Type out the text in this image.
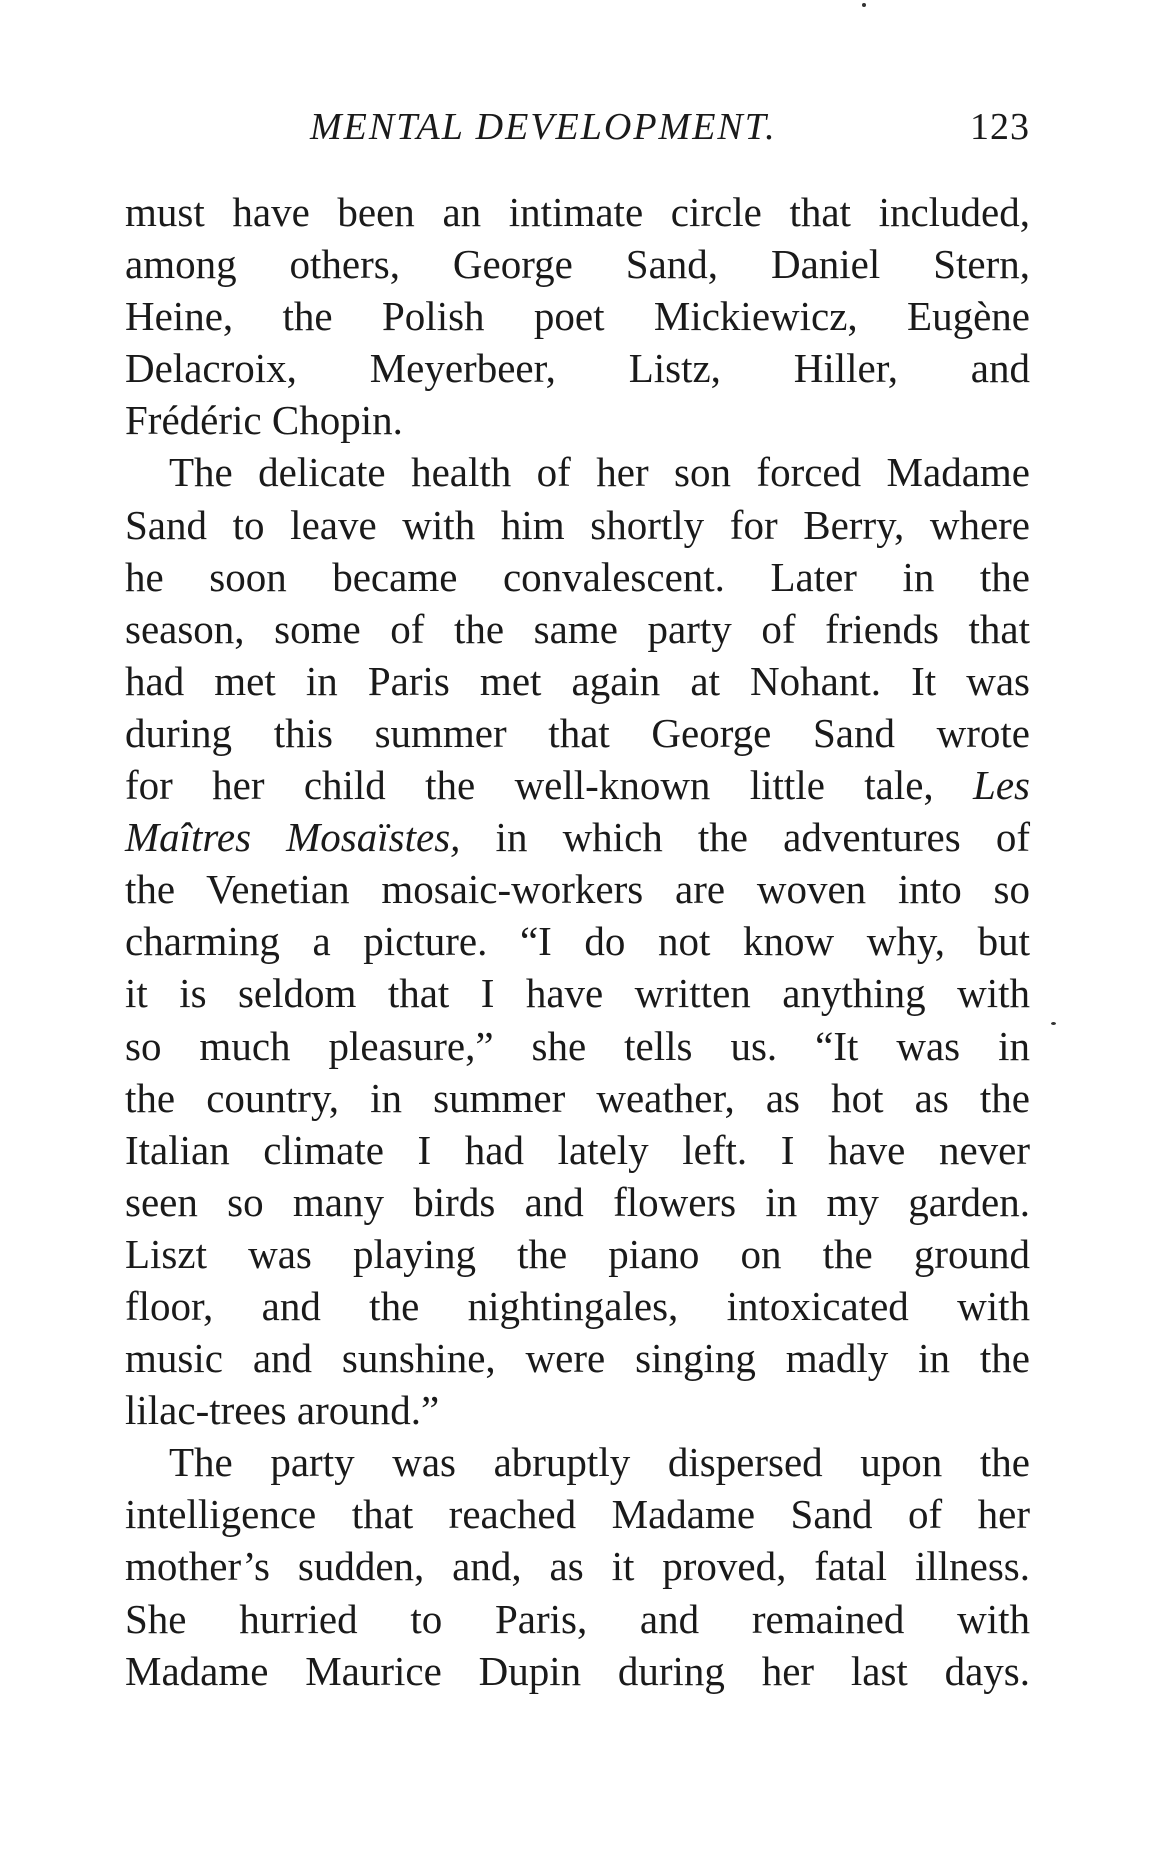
MENTAL DEVELOPMENT.	123
must have been an intimate circle that included,
among others, George Sand, Daniel Stern,
Heine, the Polish poet Mickiewicz, Eugène
Delacroix, Meyerbeer, Listz, Hiller, and
Frédéric Chopin.
The delicate health of her son forced Madame
Sand to leave with him shortly for Berry, where
he soon became convalescent. Later in the
season, some of the same party of friends that
had met in Paris met again at Nohant. It was
during this summer that George Sand wrote
for her child the well-known little tale, Les
Maîtres Mosaïstes, in which the adventures of
the Venetian mosaic-workers are woven into so
charming a picture. “I do not know why, but
it is seldom that I have written anything with
so much pleasure,” she tells us. “It was in
the country, in summer weather, as hot as the
Italian climate I had lately left. I have never
seen so many birds and flowers in my garden.
Liszt was playing the piano on the ground
floor, and the nightingales, intoxicated with
music and sunshine, were singing madly in the
lilac-trees around.”
The party was abruptly dispersed upon the
intelligence that reached Madame Sand of her
mother’s sudden, and, as it proved, fatal illness.
She hurried to Paris, and remained with
Madame Maurice Dupin during her last days.
